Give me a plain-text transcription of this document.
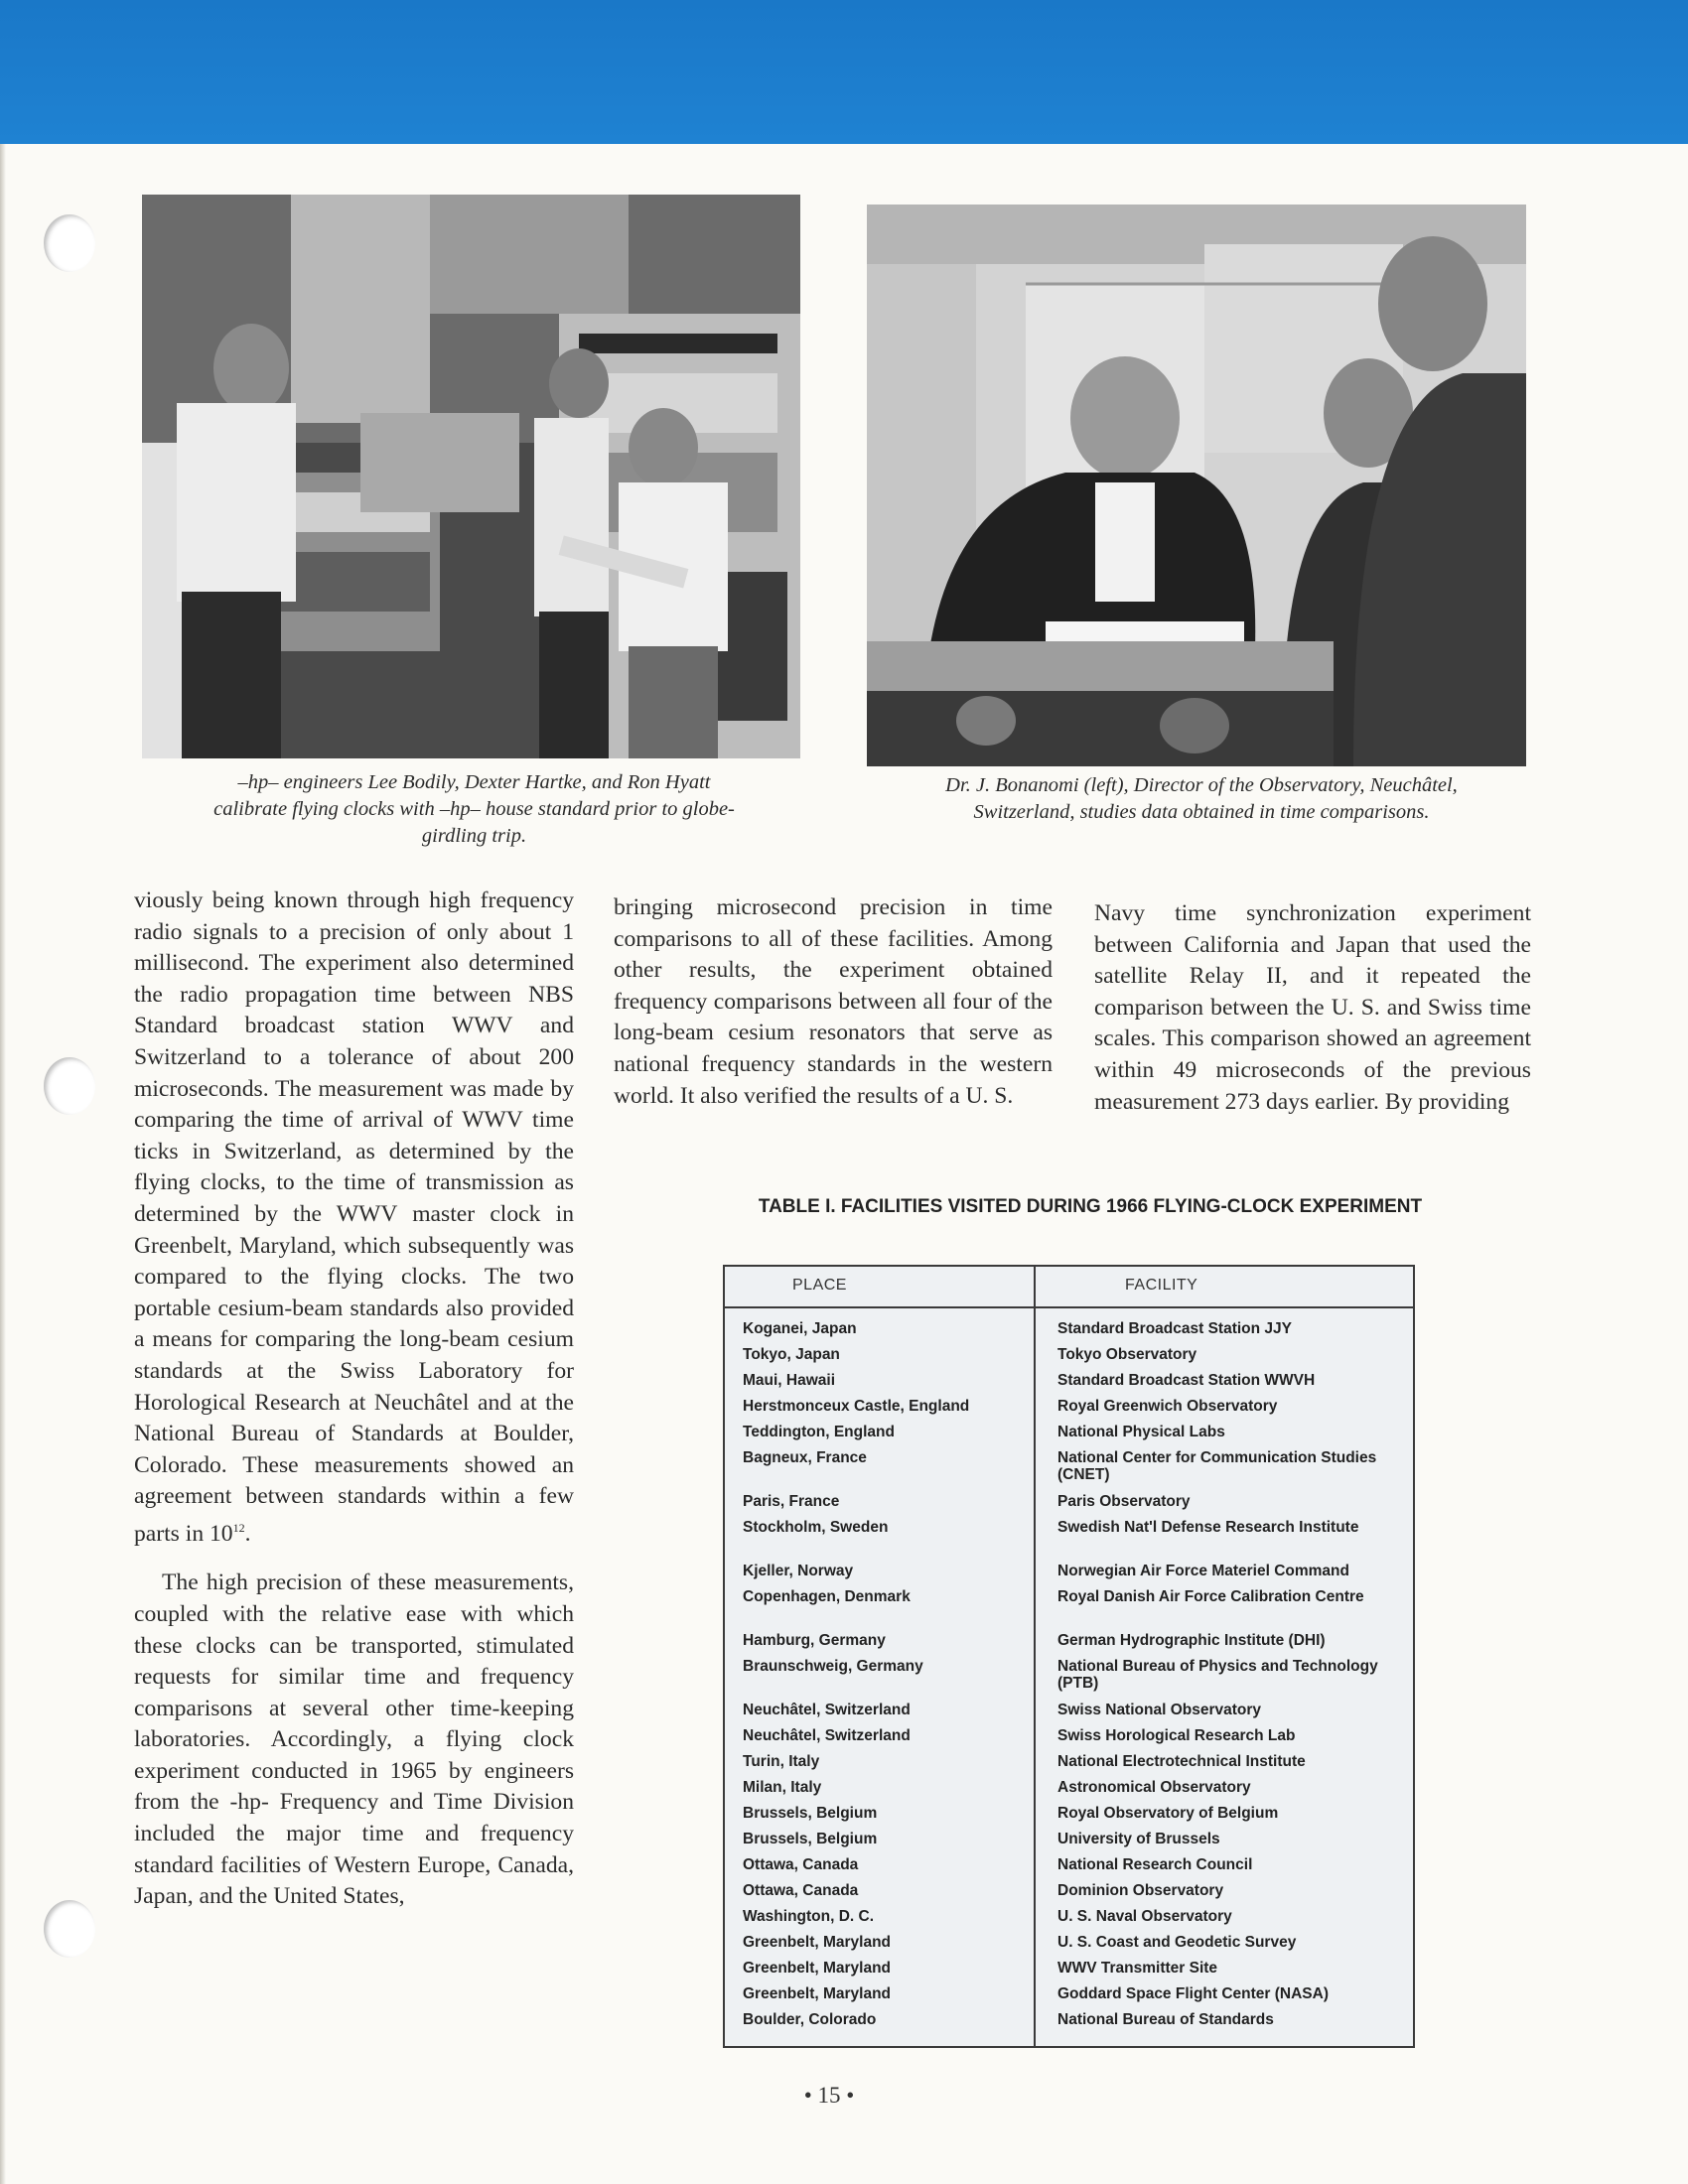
–hp– engineers Lee Bodily, Dexter Hartke, and Ron Hyatt calibrate flying clocks with –hp– house standard prior to globe-girdling trip.
Dr. J. Bonanomi (left), Director of the Observatory, Neuchâtel, Switzerland, studies data obtained in time comparisons.

viously being known through high frequency radio signals to a precision of only about 1 millisecond. The experiment also determined the radio propagation time between NBS Standard broadcast station WWV and Switzerland to a tolerance of about 200 microseconds. The measurement was made by comparing the time of arrival of WWV time ticks in Switzerland, as determined by the flying clocks, to the time of transmission as determined by the WWV master clock in Greenbelt, Maryland, which subsequently was compared to the flying clocks. The two portable cesium-beam standards also provided a means for comparing the long-beam cesium standards at the Swiss Laboratory for Horological Research at Neuchâtel and at the National Bureau of Standards at Boulder, Colorado. These measurements showed an agreement between standards within a few parts in $10^{12}$.

The high precision of these measurements, coupled with the relative ease with which these clocks can be transported, stimulated requests for similar time and frequency comparisons at several other time-keeping laboratories. Accordingly, a flying clock experiment conducted in 1965 by engineers from the -hp- Frequency and Time Division included the major time and frequency standard facilities of Western Europe, Canada, Japan, and the United States,

bringing microsecond precision in time comparisons to all of these facilities. Among other results, the experiment obtained frequency comparisons between all four of the long-beam cesium resonators that serve as national frequency standards in the western world. It also verified the results of a U. S.

Navy time synchronization experiment between California and Japan that used the satellite Relay II, and it repeated the comparison between the U. S. and Swiss time scales. This comparison showed an agreement within 49 microseconds of the previous measurement 273 days earlier. By providing

TABLE I. FACILITIES VISITED DURING 1966 FLYING-CLOCK EXPERIMENT
PLACE	FACILITY
Koganei, Japan	Standard Broadcast Station JJY
Tokyo, Japan	Tokyo Observatory
Maui, Hawaii	Standard Broadcast Station WWVH
Herstmonceux Castle, England	Royal Greenwich Observatory
Teddington, England	National Physical Labs
Bagneux, France	National Center for Communication Studies (CNET)
Paris, France	Paris Observatory
Stockholm, Sweden	Swedish Nat'l Defense Research Institute
Kjeller, Norway	Norwegian Air Force Materiel Command
Copenhagen, Denmark	Royal Danish Air Force Calibration Centre
Hamburg, Germany	German Hydrographic Institute (DHI)
Braunschweig, Germany	National Bureau of Physics and Technology (PTB)
Neuchâtel, Switzerland	Swiss National Observatory
Neuchâtel, Switzerland	Swiss Horological Research Lab
Turin, Italy	National Electrotechnical Institute
Milan, Italy	Astronomical Observatory
Brussels, Belgium	Royal Observatory of Belgium
Brussels, Belgium	University of Brussels
Ottawa, Canada	National Research Council
Ottawa, Canada	Dominion Observatory
Washington, D. C.	U. S. Naval Observatory
Greenbelt, Maryland	U. S. Coast and Geodetic Survey
Greenbelt, Maryland	WWV Transmitter Site
Greenbelt, Maryland	Goddard Space Flight Center (NASA)
Boulder, Colorado	National Bureau of Standards
• 15 •
